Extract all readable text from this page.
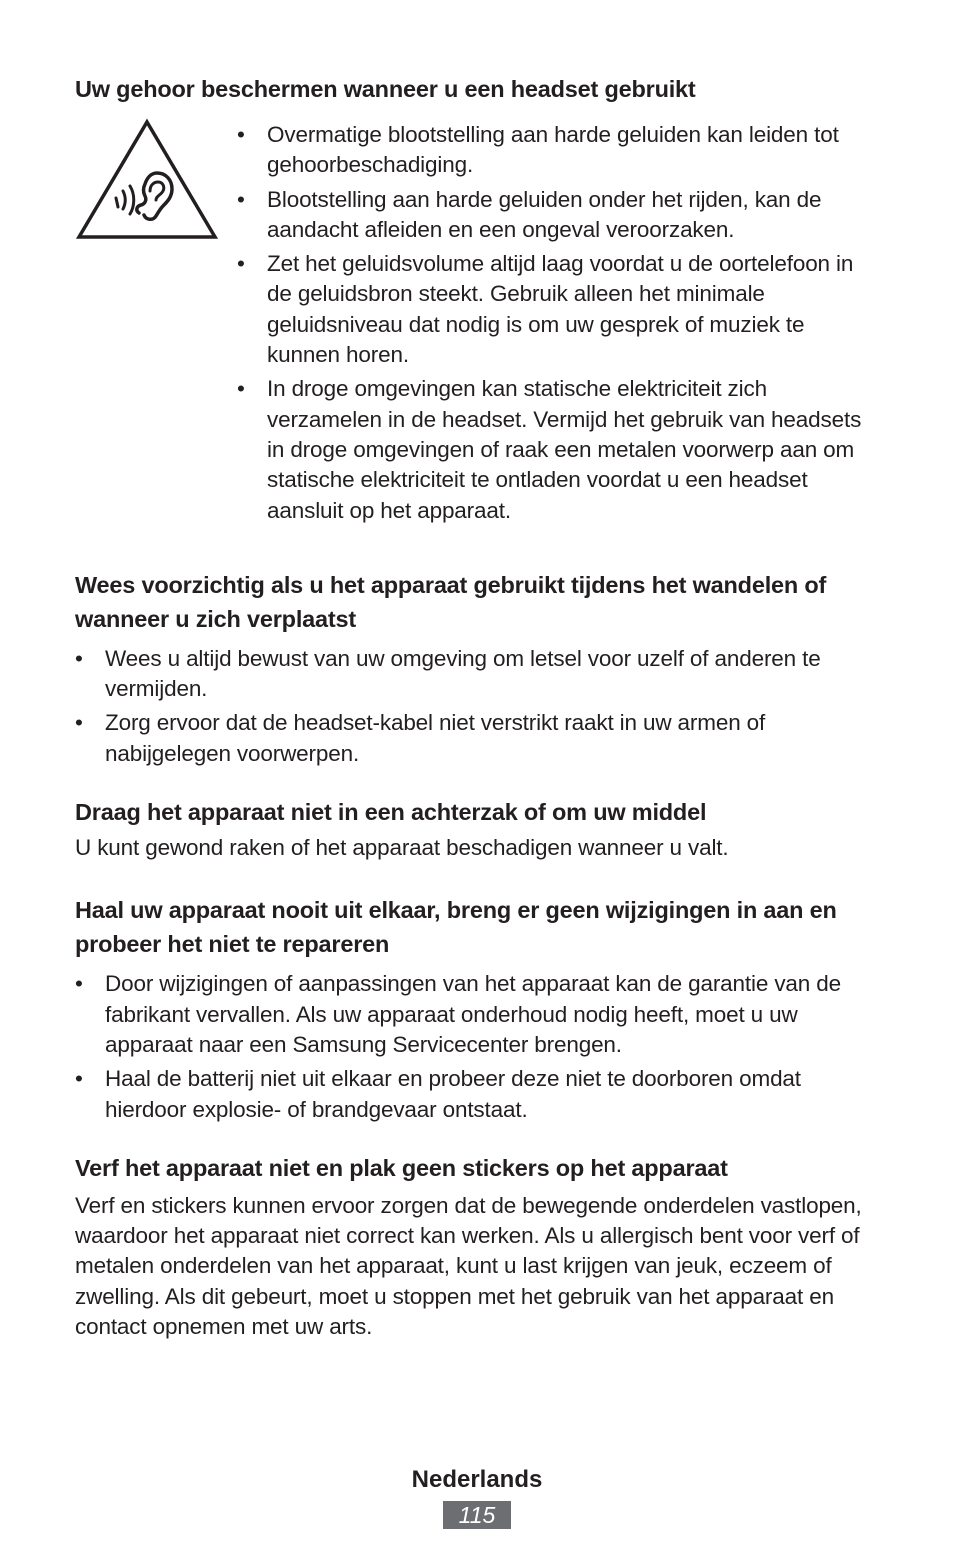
Uw gehoor beschermen wanneer u een headset gebruikt
• Overmatige blootstelling aan harde geluiden kan leiden tot gehoorbeschadiging.
• Blootstelling aan harde geluiden onder het rijden, kan de aandacht afleiden en een ongeval veroorzaken.
• Zet het geluidsvolume altijd laag voordat u de oortelefoon in de geluidsbron steekt. Gebruik alleen het minimale geluidsniveau dat nodig is om uw gesprek of muziek te kunnen horen.
• In droge omgevingen kan statische elektriciteit zich verzamelen in de headset. Vermijd het gebruik van headsets in droge omgevingen of raak een metalen voorwerp aan om statische elektriciteit te ontladen voordat u een headset aansluit op het apparaat.
Wees voorzichtig als u het apparaat gebruikt tijdens het wandelen of wanneer u zich verplaatst
• Wees u altijd bewust van uw omgeving om letsel voor uzelf of anderen te vermijden.
• Zorg ervoor dat de headset-kabel niet verstrikt raakt in uw armen of nabijgelegen voorwerpen.
Draag het apparaat niet in een achterzak of om uw middel

U kunt gewond raken of het apparaat beschadigen wanneer u valt.

Haal uw apparaat nooit uit elkaar, breng er geen wijzigingen in aan en probeer het niet te repareren
• Door wijzigingen of aanpassingen van het apparaat kan de garantie van de fabrikant vervallen. Als uw apparaat onderhoud nodig heeft, moet u uw apparaat naar een Samsung Servicecenter brengen.
• Haal de batterij niet uit elkaar en probeer deze niet te doorboren omdat hierdoor explosie- of brandgevaar ontstaat.
Verf het apparaat niet en plak geen stickers op het apparaat

Verf en stickers kunnen ervoor zorgen dat de bewegende onderdelen vastlopen, waardoor het apparaat niet correct kan werken. Als u allergisch bent voor verf of metalen onderdelen van het apparaat, kunt u last krijgen van jeuk, eczeem of zwelling. Als dit gebeurt, moet u stoppen met het gebruik van het apparaat en contact opnemen met uw arts.

Nederlands
115
